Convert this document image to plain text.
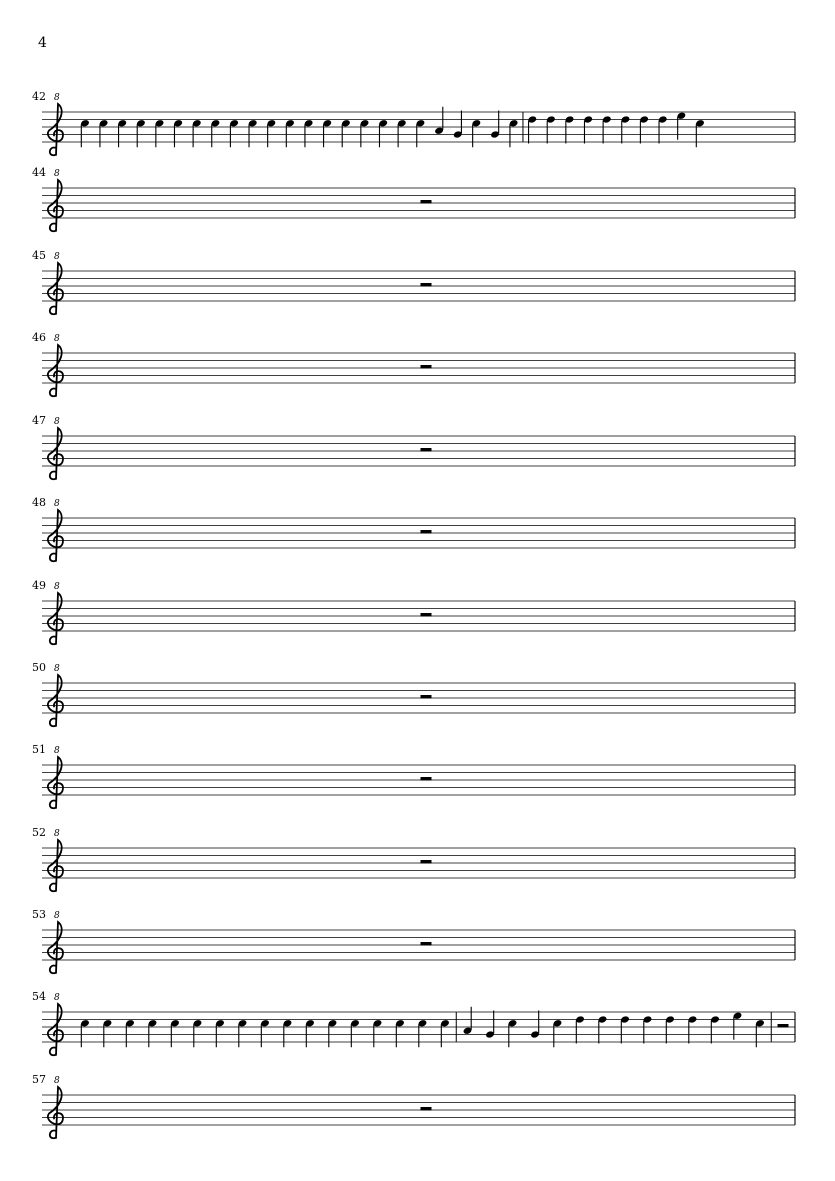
4
42 8
44 8
45 8
46 8
47 8
48 8
49 8
50 8
51 8
52 8
53 8
54 8
57 8
